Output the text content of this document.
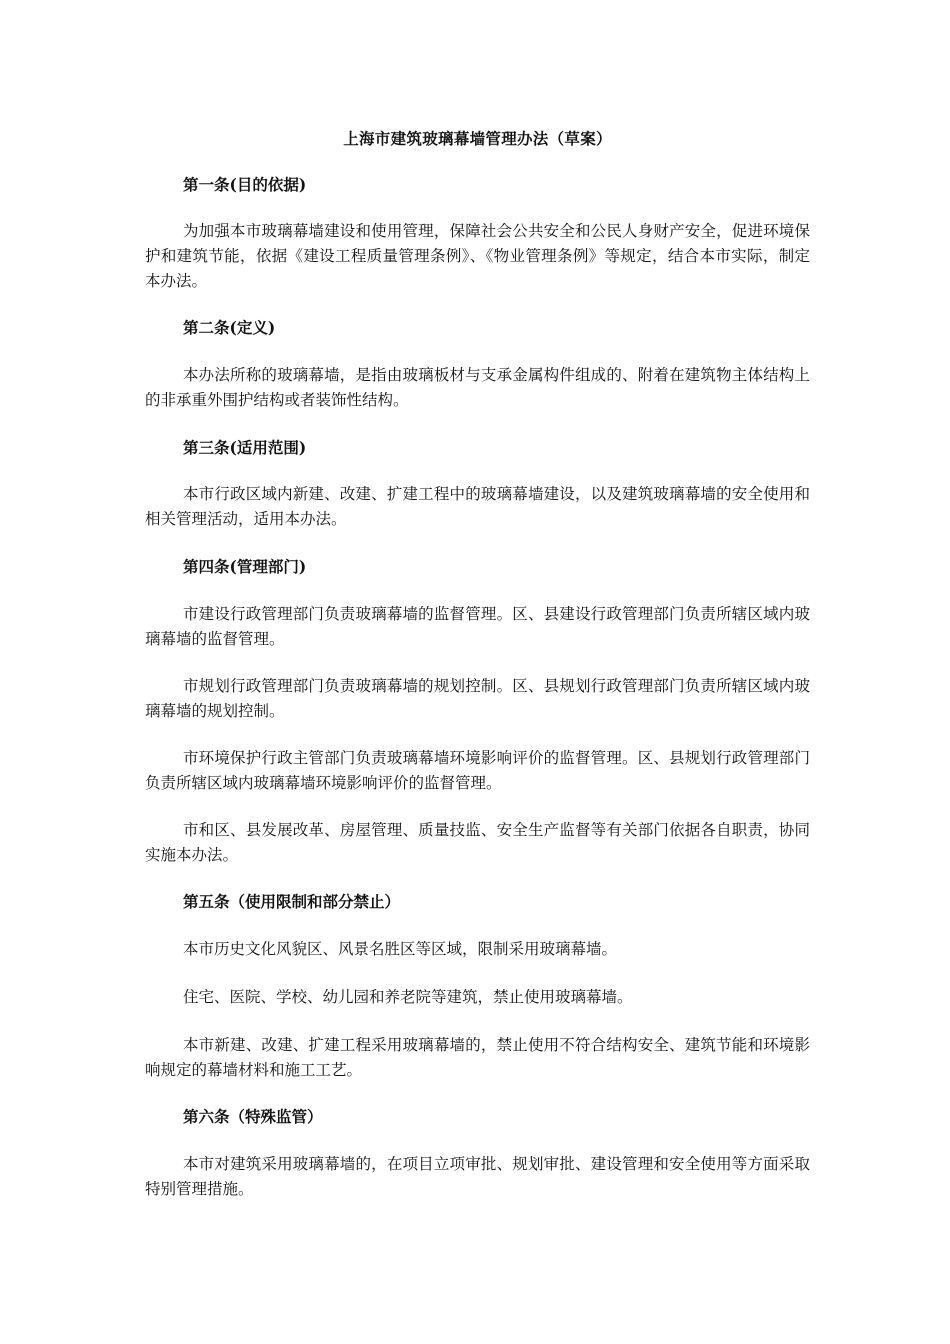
上海市建筑玻璃幕墙管理办法（草案）
第一条(目的依据)

为加强本市玻璃幕墙建设和使用管理，保障社会公共安全和公民人身财产安全，促进环境保护和建筑节能，依据《建设工程质量管理条例》、《物业管理条例》等规定，结合本市实际，制定本办法。

第二条(定义)

本办法所称的玻璃幕墙，是指由玻璃板材与支承金属构件组成的、附着在建筑物主体结构上的非承重外围护结构或者装饰性结构。

第三条(适用范围)

本市行政区域内新建、改建、扩建工程中的玻璃幕墙建设，以及建筑玻璃幕墙的安全使用和相关管理活动，适用本办法。

第四条(管理部门)

市建设行政管理部门负责玻璃幕墙的监督管理。区、县建设行政管理部门负责所辖区域内玻璃幕墙的监督管理。

市规划行政管理部门负责玻璃幕墙的规划控制。区、县规划行政管理部门负责所辖区域内玻璃幕墙的规划控制。

市环境保护行政主管部门负责玻璃幕墙环境影响评价的监督管理。区、县规划行政管理部门负责所辖区域内玻璃幕墙环境影响评价的监督管理。

市和区、县发展改革、房屋管理、质量技监、安全生产监督等有关部门依据各自职责，协同实施本办法。

第五条（使用限制和部分禁止）

本市历史文化风貌区、风景名胜区等区域，限制采用玻璃幕墙。

住宅、医院、学校、幼儿园和养老院等建筑，禁止使用玻璃幕墙。

本市新建、改建、扩建工程采用玻璃幕墙的，禁止使用不符合结构安全、建筑节能和环境影响规定的幕墙材料和施工工艺。

第六条（特殊监管）

本市对建筑采用玻璃幕墙的，在项目立项审批、规划审批、建设管理和安全使用等方面采取特别管理措施。
